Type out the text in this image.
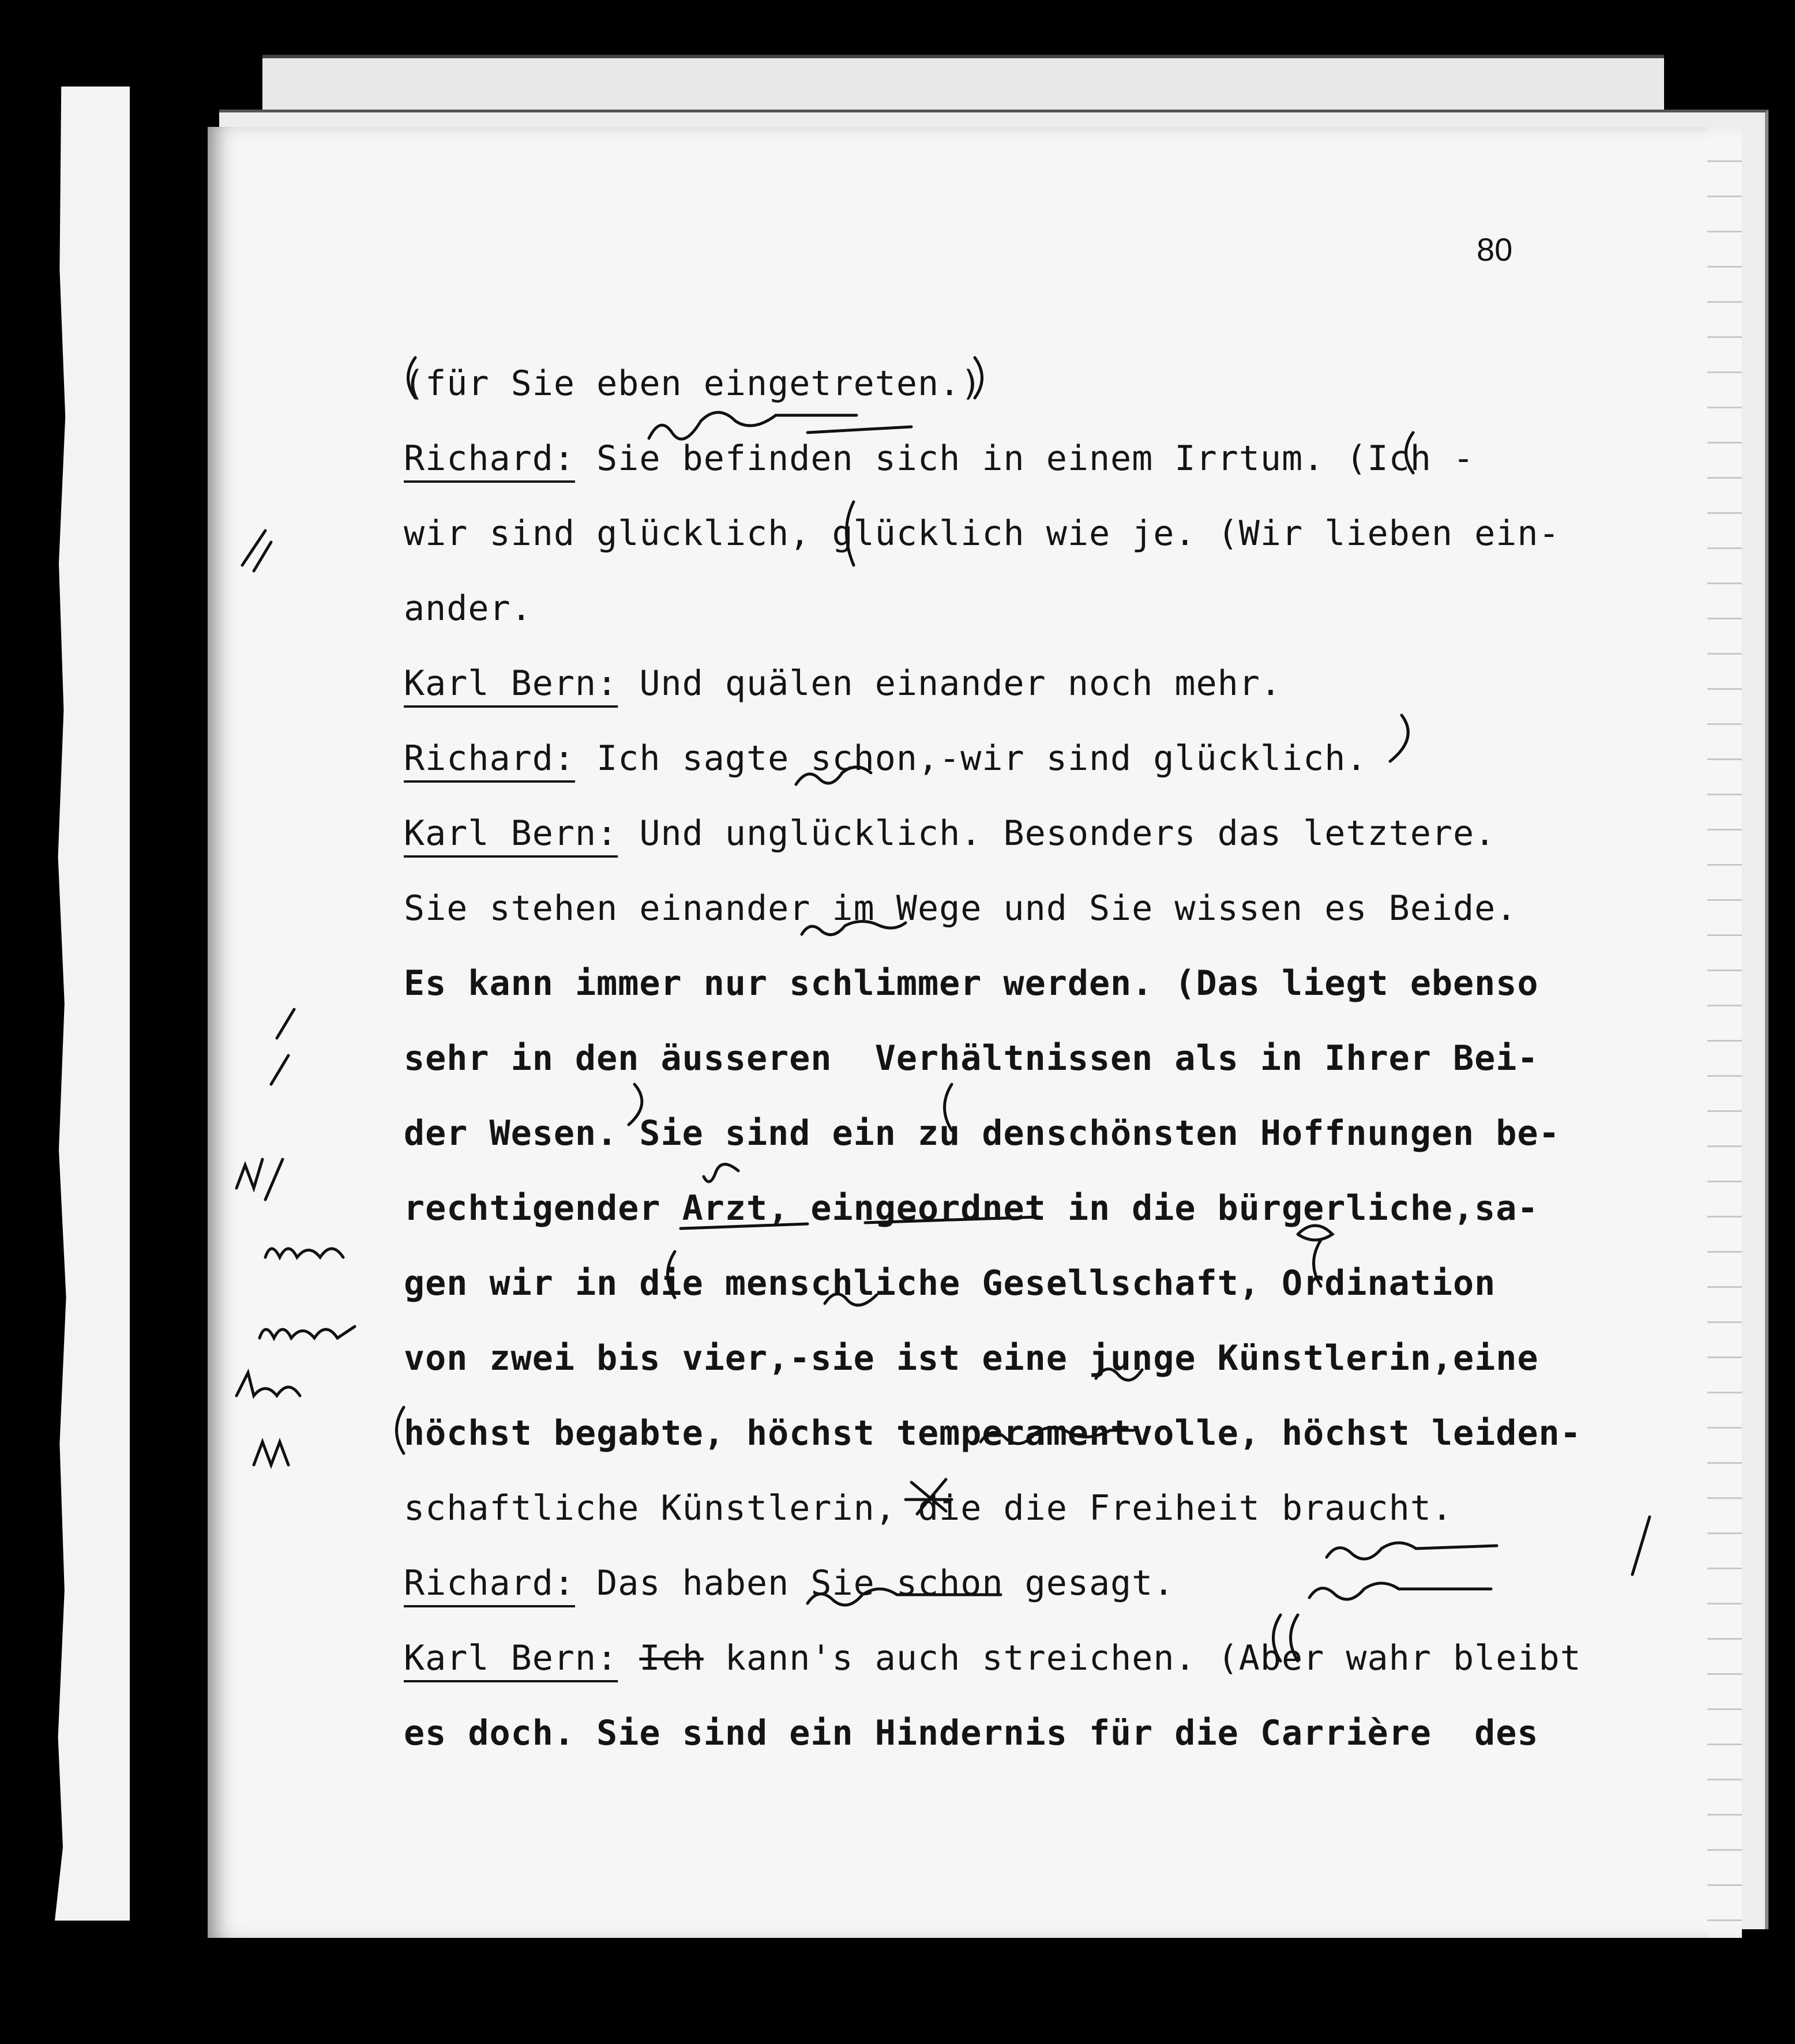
80
(für Sie eben eingetreten.)
Richard: Sie befinden sich in einem Irrtum. (Ich -
wir sind glücklich, glücklich wie je. (Wir lieben ein-
ander.
Karl Bern: Und quälen einander noch mehr.
Richard: Ich sagte schon,-wir sind glücklich.
Karl Bern: Und unglücklich. Besonders das letztere.
Sie stehen einander im Wege und Sie wissen es Beide.
Es kann immer nur schlimmer werden. (Das liegt ebenso
sehr in den äusseren  Verhältnissen als in Ihrer Bei-
der Wesen. Sie sind ein zu denschönsten Hoffnungen be-
rechtigender Arzt, eingeordnet in die bürgerliche,sa-
gen wir in die menschliche Gesellschaft, Ordination
von zwei bis vier,-sie ist eine junge Künstlerin,eine
höchst begabte, höchst temperamentvolle, höchst leiden-
schaftliche Künstlerin, die die Freiheit braucht.
Richard: Das haben Sie schon gesagt.
Karl Bern: Ich kann's auch streichen. (Aber wahr bleibt
es doch. Sie sind ein Hindernis für die Carrière  des
